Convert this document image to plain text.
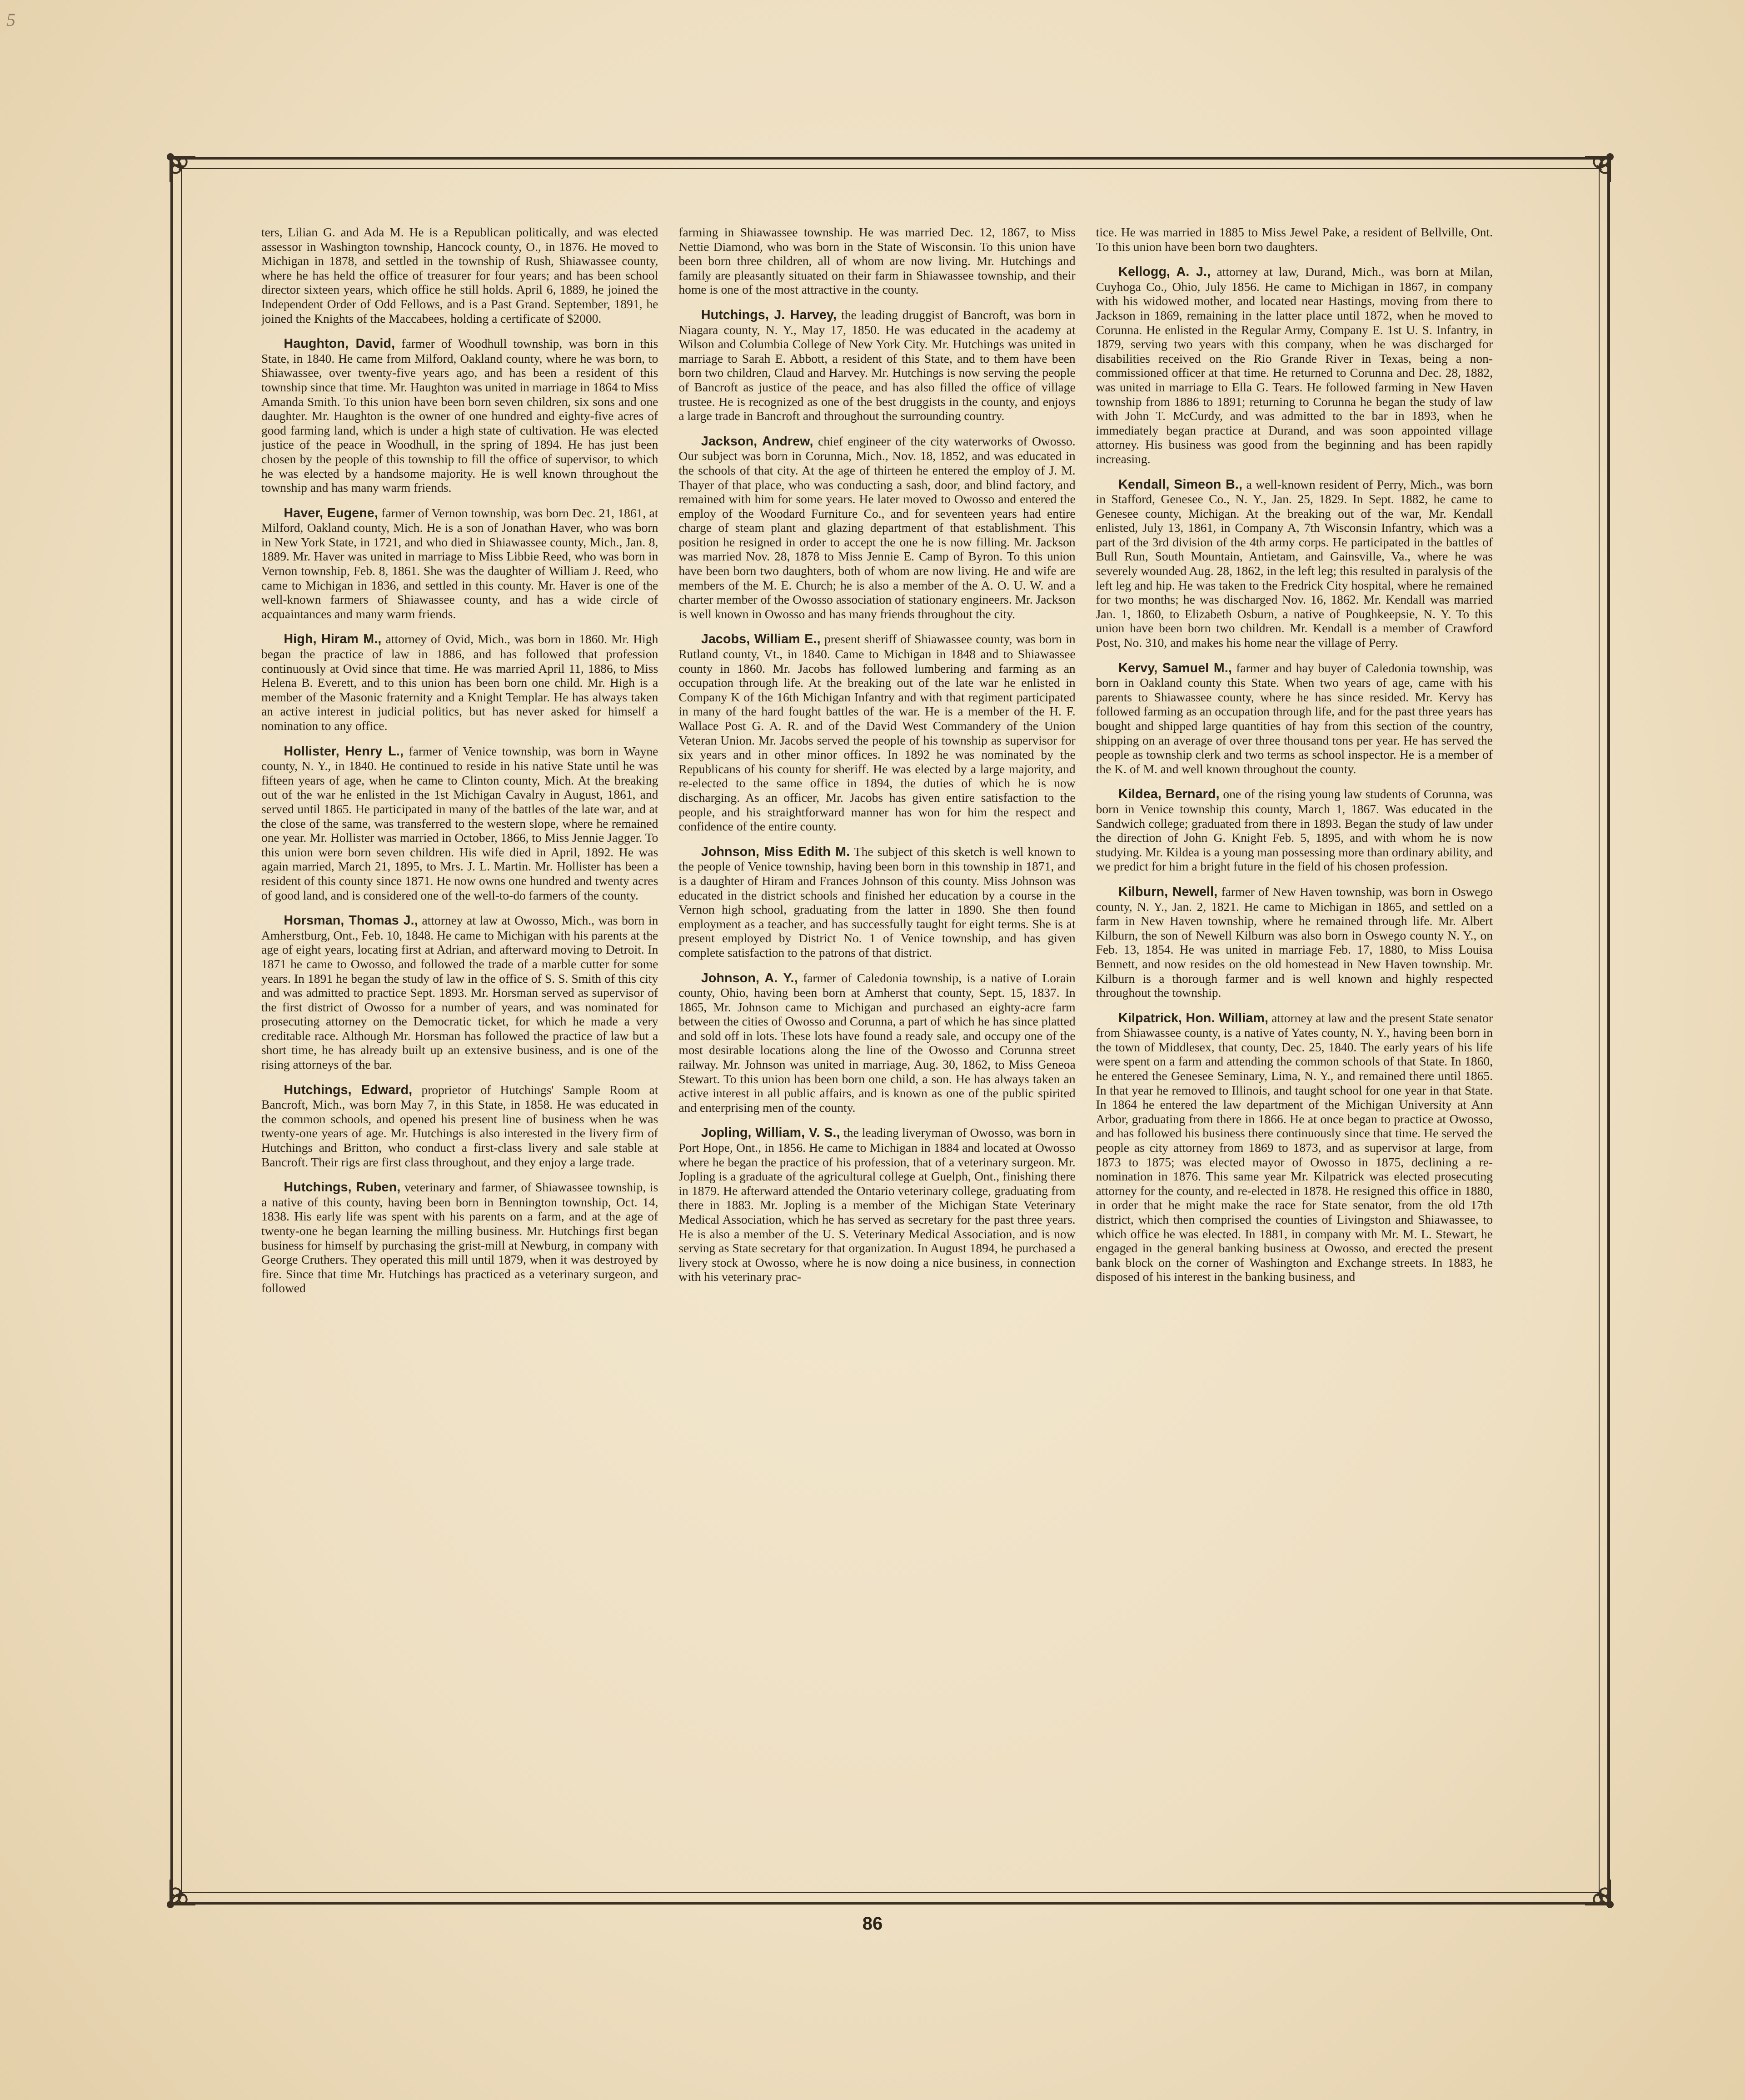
5

ters, Lilian G. and Ada M. He is a Republican politically, and was elected assessor in Washington township, Hancock county, O., in 1876. He moved to Michigan in 1878, and settled in the township of Rush, Shiawassee county, where he has held the office of treasurer for four years; and has been school director sixteen years, which office he still holds. April 6, 1889, he joined the Independent Order of Odd Fellows, and is a Past Grand. September, 1891, he joined the Knights of the Maccabees, holding a certificate of $2000.

Haughton, David, farmer of Woodhull township, was born in this State, in 1840. He came from Milford, Oakland county, where he was born, to Shiawassee, over twenty-five years ago, and has been a resident of this township since that time. Mr. Haughton was united in marriage in 1864 to Miss Amanda Smith. To this union have been born seven children, six sons and one daughter. Mr. Haughton is the owner of one hundred and eighty-five acres of good farming land, which is under a high state of cultivation. He was elected justice of the peace in Woodhull, in the spring of 1894. He has just been chosen by the people of this township to fill the office of supervisor, to which he was elected by a handsome majority. He is well known throughout the township and has many warm friends.

Haver, Eugene, farmer of Vernon township, was born Dec. 21, 1861, at Milford, Oakland county, Mich. He is a son of Jonathan Haver, who was born in New York State, in 1721, and who died in Shiawassee county, Mich., Jan. 8, 1889. Mr. Haver was united in marriage to Miss Libbie Reed, who was born in Vernon township, Feb. 8, 1861. She was the daughter of William J. Reed, who came to Michigan in 1836, and settled in this county. Mr. Haver is one of the well-known farmers of Shiawassee county, and has a wide circle of acquaintances and many warm friends.

High, Hiram M., attorney of Ovid, Mich., was born in 1860. Mr. High began the practice of law in 1886, and has followed that profession continuously at Ovid since that time. He was married April 11, 1886, to Miss Helena B. Everett, and to this union has been born one child. Mr. High is a member of the Masonic fraternity and a Knight Templar. He has always taken an active interest in judicial politics, but has never asked for himself a nomination to any office.

Hollister, Henry L., farmer of Venice township, was born in Wayne county, N. Y., in 1840. He continued to reside in his native State until he was fifteen years of age, when he came to Clinton county, Mich. At the breaking out of the war he enlisted in the 1st Michigan Cavalry in August, 1861, and served until 1865. He participated in many of the battles of the late war, and at the close of the same, was transferred to the western slope, where he remained one year. Mr. Hollister was married in October, 1866, to Miss Jennie Jagger. To this union were born seven children. His wife died in April, 1892. He was again married, March 21, 1895, to Mrs. J. L. Martin. Mr. Hollister has been a resident of this county since 1871. He now owns one hundred and twenty acres of good land, and is considered one of the well-to-do farmers of the county.

Horsman, Thomas J., attorney at law at Owosso, Mich., was born in Amherstburg, Ont., Feb. 10, 1848. He came to Michigan with his parents at the age of eight years, locating first at Adrian, and afterward moving to Detroit. In 1871 he came to Owosso, and followed the trade of a marble cutter for some years. In 1891 he began the study of law in the office of S. S. Smith of this city and was admitted to practice Sept. 1893. Mr. Horsman served as supervisor of the first district of Owosso for a number of years, and was nominated for prosecuting attorney on the Democratic ticket, for which he made a very creditable race. Although Mr. Horsman has followed the practice of law but a short time, he has already built up an extensive business, and is one of the rising attorneys of the bar.

Hutchings, Edward, proprietor of Hutchings' Sample Room at Bancroft, Mich., was born May 7, in this State, in 1858. He was educated in the common schools, and opened his present line of business when he was twenty-one years of age. Mr. Hutchings is also interested in the livery firm of Hutchings and Britton, who conduct a first-class livery and sale stable at Bancroft. Their rigs are first class throughout, and they enjoy a large trade.

Hutchings, Ruben, veterinary and farmer, of Shiawassee township, is a native of this county, having been born in Bennington township, Oct. 14, 1838. His early life was spent with his parents on a farm, and at the age of twenty-one he began learning the milling business. Mr. Hutchings first began business for himself by purchasing the grist-mill at Newburg, in company with George Cruthers. They operated this mill until 1879, when it was destroyed by fire. Since that time Mr. Hutchings has practiced as a veterinary surgeon, and followed

farming in Shiawassee township. He was married Dec. 12, 1867, to Miss Nettie Diamond, who was born in the State of Wisconsin. To this union have been born three children, all of whom are now living. Mr. Hutchings and family are pleasantly situated on their farm in Shiawassee township, and their home is one of the most attractive in the county.

Hutchings, J. Harvey, the leading druggist of Bancroft, was born in Niagara county, N. Y., May 17, 1850. He was educated in the academy at Wilson and Columbia College of New York City. Mr. Hutchings was united in marriage to Sarah E. Abbott, a resident of this State, and to them have been born two children, Claud and Harvey. Mr. Hutchings is now serving the people of Bancroft as justice of the peace, and has also filled the office of village trustee. He is recognized as one of the best druggists in the county, and enjoys a large trade in Bancroft and throughout the surrounding country.

Jackson, Andrew, chief engineer of the city waterworks of Owosso. Our subject was born in Corunna, Mich., Nov. 18, 1852, and was educated in the schools of that city. At the age of thirteen he entered the employ of J. M. Thayer of that place, who was conducting a sash, door, and blind factory, and remained with him for some years. He later moved to Owosso and entered the employ of the Woodard Furniture Co., and for seventeen years had entire charge of steam plant and glazing department of that establishment. This position he resigned in order to accept the one he is now filling. Mr. Jackson was married Nov. 28, 1878 to Miss Jennie E. Camp of Byron. To this union have been born two daughters, both of whom are now living. He and wife are members of the M. E. Church; he is also a member of the A. O. U. W. and a charter member of the Owosso association of stationary engineers. Mr. Jackson is well known in Owosso and has many friends throughout the city.

Jacobs, William E., present sheriff of Shiawassee county, was born in Rutland county, Vt., in 1840. Came to Michigan in 1848 and to Shiawassee county in 1860. Mr. Jacobs has followed lumbering and farming as an occupation through life. At the breaking out of the late war he enlisted in Company K of the 16th Michigan Infantry and with that regiment participated in many of the hard fought battles of the war. He is a member of the H. F. Wallace Post G. A. R. and of the David West Commandery of the Union Veteran Union. Mr. Jacobs served the people of his township as supervisor for six years and in other minor offices. In 1892 he was nominated by the Republicans of his county for sheriff. He was elected by a large majority, and re-elected to the same office in 1894, the duties of which he is now discharging. As an officer, Mr. Jacobs has given entire satisfaction to the people, and his straightforward manner has won for him the respect and confidence of the entire county.

Johnson, Miss Edith M. The subject of this sketch is well known to the people of Venice township, having been born in this township in 1871, and is a daughter of Hiram and Frances Johnson of this county. Miss Johnson was educated in the district schools and finished her education by a course in the Vernon high school, graduating from the latter in 1890. She then found employment as a teacher, and has successfully taught for eight terms. She is at present employed by District No. 1 of Venice township, and has given complete satisfaction to the patrons of that district.

Johnson, A. Y., farmer of Caledonia township, is a native of Lorain county, Ohio, having been born at Amherst that county, Sept. 15, 1837. In 1865, Mr. Johnson came to Michigan and purchased an eighty-acre farm between the cities of Owosso and Corunna, a part of which he has since platted and sold off in lots. These lots have found a ready sale, and occupy one of the most desirable locations along the line of the Owosso and Corunna street railway. Mr. Johnson was united in marriage, Aug. 30, 1862, to Miss Geneoa Stewart. To this union has been born one child, a son. He has always taken an active interest in all public affairs, and is known as one of the public spirited and enterprising men of the county.

Jopling, William, V. S., the leading liveryman of Owosso, was born in Port Hope, Ont., in 1856. He came to Michigan in 1884 and located at Owosso where he began the practice of his profession, that of a veterinary surgeon. Mr. Jopling is a graduate of the agricultural college at Guelph, Ont., finishing there in 1879. He afterward attended the Ontario veterinary college, graduating from there in 1883. Mr. Jopling is a member of the Michigan State Veterinary Medical Association, which he has served as secretary for the past three years. He is also a member of the U. S. Veterinary Medical Association, and is now serving as State secretary for that organization. In August 1894, he purchased a livery stock at Owosso, where he is now doing a nice business, in connection with his veterinary prac-

tice. He was married in 1885 to Miss Jewel Pake, a resident of Bellville, Ont. To this union have been born two daughters.

Kellogg, A. J., attorney at law, Durand, Mich., was born at Milan, Cuyhoga Co., Ohio, July 1856. He came to Michigan in 1867, in company with his widowed mother, and located near Hastings, moving from there to Jackson in 1869, remaining in the latter place until 1872, when he moved to Corunna. He enlisted in the Regular Army, Company E. 1st U. S. Infantry, in 1879, serving two years with this company, when he was discharged for disabilities received on the Rio Grande River in Texas, being a non-commissioned officer at that time. He returned to Corunna and Dec. 28, 1882, was united in marriage to Ella G. Tears. He followed farming in New Haven township from 1886 to 1891; returning to Corunna he began the study of law with John T. McCurdy, and was admitted to the bar in 1893, when he immediately began practice at Durand, and was soon appointed village attorney. His business was good from the beginning and has been rapidly increasing.

Kendall, Simeon B., a well-known resident of Perry, Mich., was born in Stafford, Genesee Co., N. Y., Jan. 25, 1829. In Sept. 1882, he came to Genesee county, Michigan. At the breaking out of the war, Mr. Kendall enlisted, July 13, 1861, in Company A, 7th Wisconsin Infantry, which was a part of the 3rd division of the 4th army corps. He participated in the battles of Bull Run, South Mountain, Antietam, and Gainsville, Va., where he was severely wounded Aug. 28, 1862, in the left leg; this resulted in paralysis of the left leg and hip. He was taken to the Fredrick City hospital, where he remained for two months; he was discharged Nov. 16, 1862. Mr. Kendall was married Jan. 1, 1860, to Elizabeth Osburn, a native of Poughkeepsie, N. Y. To this union have been born two children. Mr. Kendall is a member of Crawford Post, No. 310, and makes his home near the village of Perry.

Kervy, Samuel M., farmer and hay buyer of Caledonia township, was born in Oakland county this State. When two years of age, came with his parents to Shiawassee county, where he has since resided. Mr. Kervy has followed farming as an occupation through life, and for the past three years has bought and shipped large quantities of hay from this section of the country, shipping on an average of over three thousand tons per year. He has served the people as township clerk and two terms as school inspector. He is a member of the K. of M. and well known throughout the county.

Kildea, Bernard, one of the rising young law students of Corunna, was born in Venice township this county, March 1, 1867. Was educated in the Sandwich college; graduated from there in 1893. Began the study of law under the direction of John G. Knight Feb. 5, 1895, and with whom he is now studying. Mr. Kildea is a young man possessing more than ordinary ability, and we predict for him a bright future in the field of his chosen profession.

Kilburn, Newell, farmer of New Haven township, was born in Oswego county, N. Y., Jan. 2, 1821. He came to Michigan in 1865, and settled on a farm in New Haven township, where he remained through life. Mr. Albert Kilburn, the son of Newell Kilburn was also born in Oswego county N. Y., on Feb. 13, 1854. He was united in marriage Feb. 17, 1880, to Miss Louisa Bennett, and now resides on the old homestead in New Haven township. Mr. Kilburn is a thorough farmer and is well known and highly respected throughout the township.

Kilpatrick, Hon. William, attorney at law and the present State senator from Shiawassee county, is a native of Yates county, N. Y., having been born in the town of Middlesex, that county, Dec. 25, 1840. The early years of his life were spent on a farm and attending the common schools of that State. In 1860, he entered the Genesee Seminary, Lima, N. Y., and remained there until 1865. In that year he removed to Illinois, and taught school for one year in that State. In 1864 he entered the law department of the Michigan University at Ann Arbor, graduating from there in 1866. He at once began to practice at Owosso, and has followed his business there continuously since that time. He served the people as city attorney from 1869 to 1873, and as supervisor at large, from 1873 to 1875; was elected mayor of Owosso in 1875, declining a re-nomination in 1876. This same year Mr. Kilpatrick was elected prosecuting attorney for the county, and re-elected in 1878. He resigned this office in 1880, in order that he might make the race for State senator, from the old 17th district, which then comprised the counties of Livingston and Shiawassee, to which office he was elected. In 1881, in company with Mr. M. L. Stewart, he engaged in the general banking business at Owosso, and erected the present bank block on the corner of Washington and Exchange streets. In 1883, he disposed of his interest in the banking business, and

86
